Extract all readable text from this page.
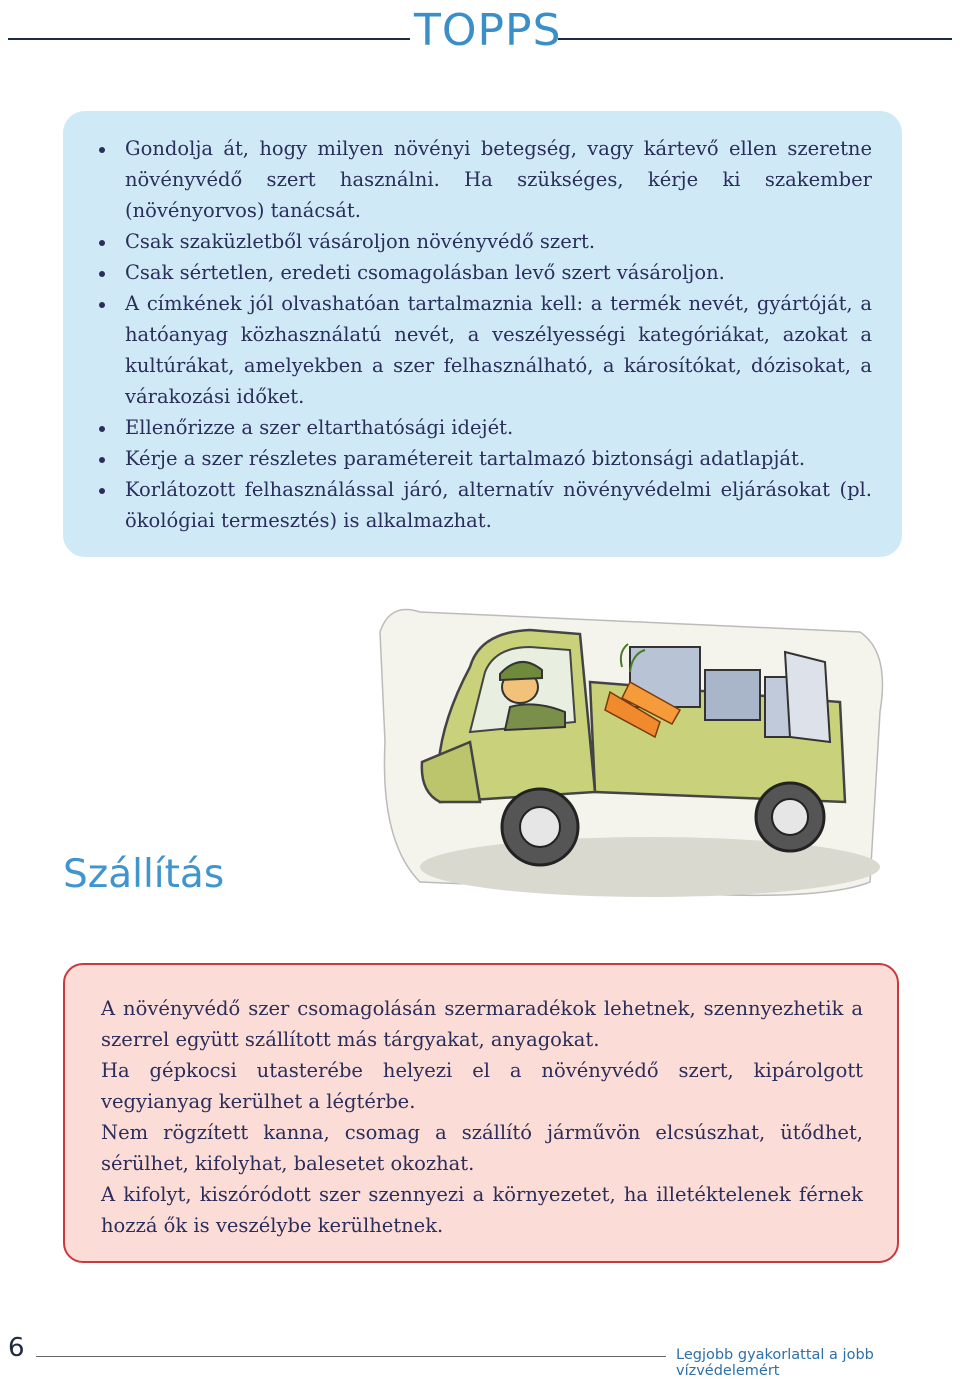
TOPPS
Gondolja át, hogy milyen növényi betegség, vagy kártevő ellen szeretne növényvédő szert használni. Ha szükséges, kérje ki szakember (növényorvos) tanácsát.
Csak szaküzletből vásároljon növényvédő szert.
Csak sértetlen, eredeti csomagolásban levő szert vásároljon.
A címkének jól olvashatóan tartalmaznia kell: a termék nevét, gyártóját, a hatóanyag közhasználatú nevét, a veszélyességi kategóriákat, azokat a kultúrákat, amelyekben a szer felhasználható, a károsítókat, dózisokat, a várakozási időket.
Ellenőrizze a szer eltarthatósági idejét.
Kérje a szer részletes paramétereit tartalmazó biztonsági adatlapját.
Korlátozott felhasználással járó, alternatív növényvédelmi eljárásokat (pl. ökológiai termesztés) is alkalmazhat.
Szállítás

A növényvédő szer csomagolásán szermaradékok lehetnek, szennyezhetik a szerrel együtt szállított más tárgyakat, anyagokat.

Ha gépkocsi utasterébe helyezi el a növényvédő szert, kipárolgott vegyianyag kerülhet a légtérbe.

Nem rögzített kanna, csomag a szállító járművön elcsúszhat, ütődhet, sérülhet, kifolyhat, balesetet okozhat.

A kifolyt, kiszóródott szer szennyezi a környezetet, ha illetéktelenek férnek hozzá ők is veszélybe kerülhetnek.

6	Legjobb gyakorlattal a jobb vízvédelemért
